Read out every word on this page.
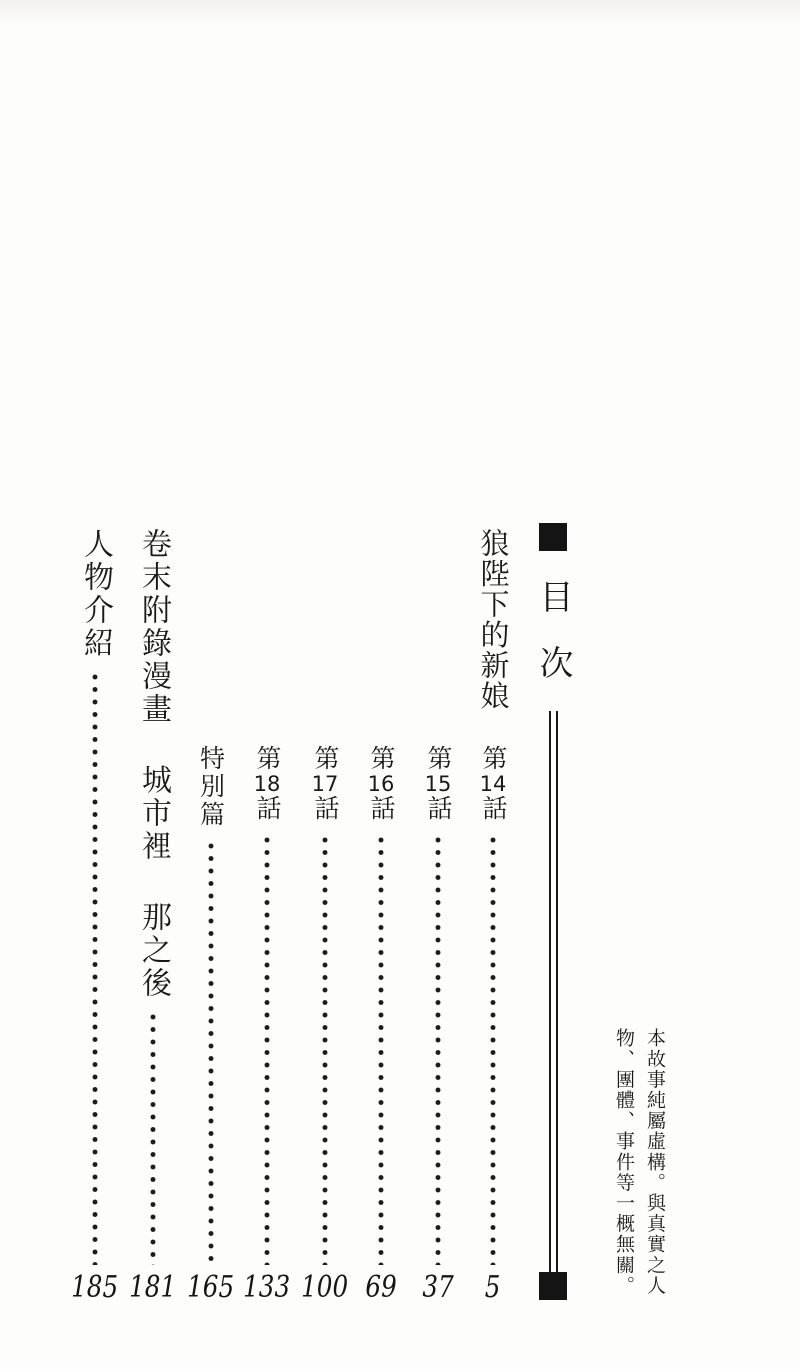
目次
狼陛下的新娘
第14話
5
第15話
37
第16話
69
第17話
100
第18話
133
特別篇
165
卷末附錄漫畫 城市裡 那之後
181
人物介紹
185	本故事純屬虛構。與真實之人
物、團體、事件等一概無關。
